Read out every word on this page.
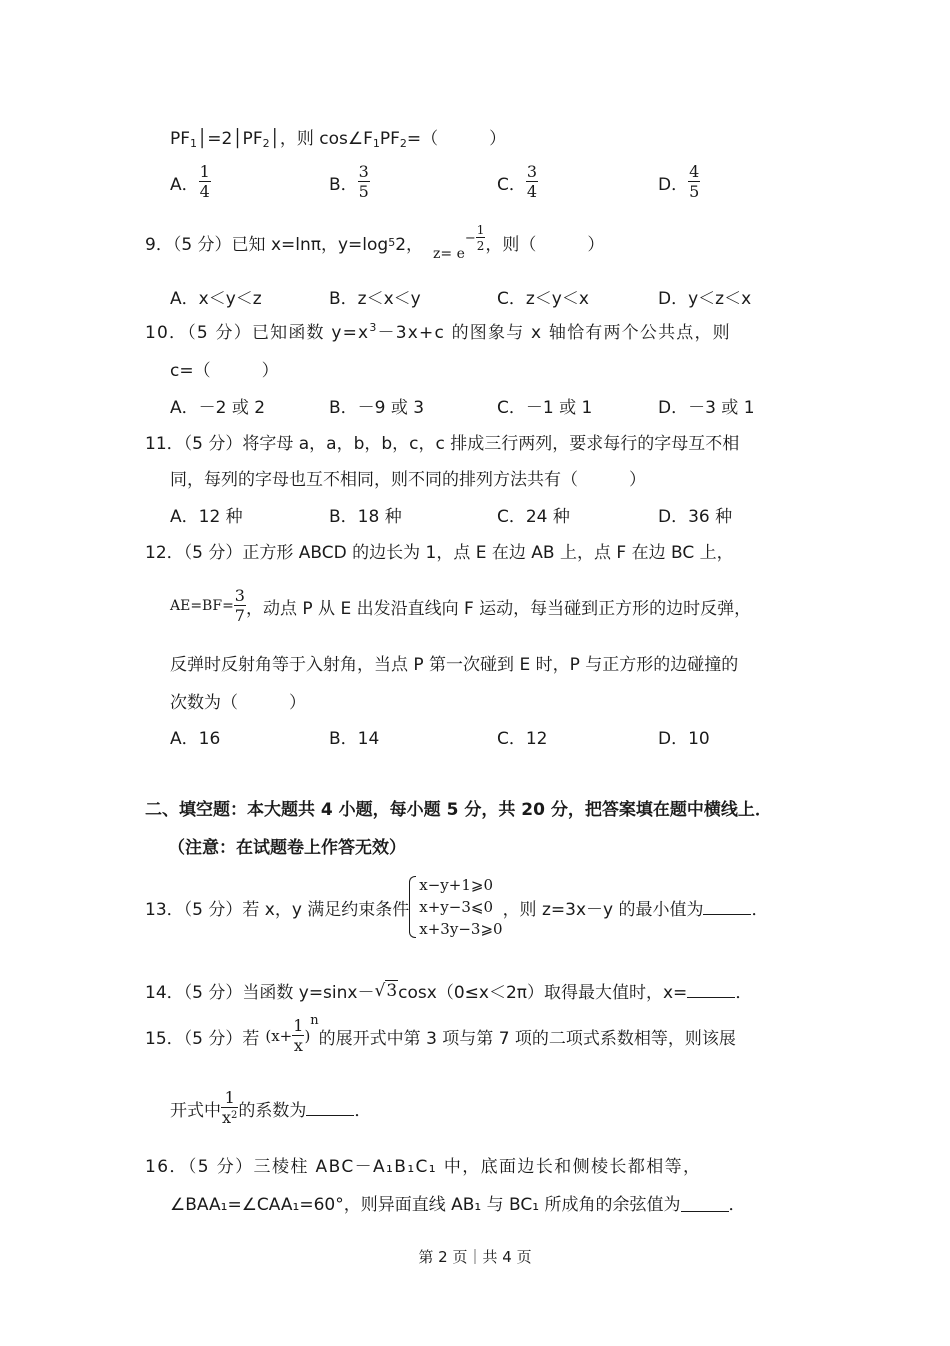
$PF_1│=2│PF_2│$，则 $\cos\angle F_1PF_2=$（　　　）
A． $\frac{1}{4}$	B． $\frac{3}{5}$	C． $\frac{3}{4}$	D． $\frac{4}{5}$
9．（5 分）已知 x=lnπ，y=log 5 2， z= e
− $\frac{1}{2}$ ，则（　　　）
A．x＜y＜z	B．z＜x＜y	C．z＜y＜x	D．y＜z＜x
10．（5 分）已知函数 $y=x^3-3x+c$ 的图象与 x 轴恰有两个公共点，则
c=（　　　）
A．－2 或 2	B．－9 或 3	C．－1 或 1	D．－3 或 1
11．（5 分）将字母 a，a，b，b，c，c 排成三行两列，要求每行的字母互不相
同，每列的字母也互不相同，则不同的排列方法共有（　　　）
A．12 种	B．18 种	C．24 种	D．36 种
12．（5 分）正方形 ABCD 的边长为 1，点 E 在边 AB 上，点 F 在边 BC 上，
$AE=BF= \frac{3}{7}$ ，动点 P 从 E 出发沿直线向 F 运动，每当碰到正方形的边时反弹，
反弹时反射角等于入射角，当点 P 第一次碰到 E 时，P 与正方形的边碰撞的
次数为（　　　）
A．16	B．14	C．12	D．10
二、填空题：本大题共 4 小题，每小题 5 分，共 20 分，把答案填在题中横线上．
（注意：在试题卷上作答无效）
13．（5 分）若 x，y 满足约束条件
x−y+1⩾0
x+y−3⩽0
x+3y−3⩾0
，则 z=3x－y 的最小值为	．
14．（5 分）当函数 y=sinx－ √3 cosx（0≤x＜2π）取得最大值时，x=	．
15．（5 分）若 ($x+ \frac{1}{x}$ )
n
的展开式中第 3 项与第 7 项的二项式系数相等，则该展
开式中 $\frac{1}{x^2}$ 的系数为	．
16．（5 分）三棱柱 ABC－A₁B₁C₁ 中，底面边长和侧棱长都相等，
∠BAA₁=∠CAA₁=60°，则异面直线 AB₁ 与 BC₁ 所成角的余弦值为	．
第 2 页｜共 4 页
